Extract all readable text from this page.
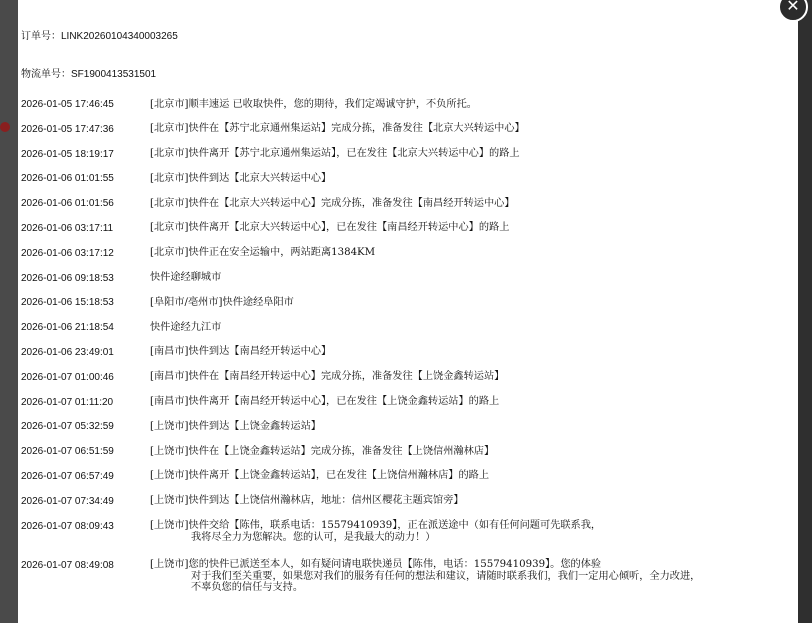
订单号：LINK20260104340003265
物流单号：SF1900413531501
2026-01-05 17:46:45	[北京市]顺丰速运 已收取快件，您的期待，我们定竭诚守护，不负所托。
2026-01-05 17:47:36	[北京市]快件在【苏宁北京通州集运站】完成分拣，准备发往【北京大兴转运中心】
2026-01-05 18:19:17	[北京市]快件离开【苏宁北京通州集运站】，已在发往【北京大兴转运中心】的路上
2026-01-06 01:01:55	[北京市]快件到达【北京大兴转运中心】
2026-01-06 01:01:56	[北京市]快件在【北京大兴转运中心】完成分拣，准备发往【南昌经开转运中心】
2026-01-06 03:17:11	[北京市]快件离开【北京大兴转运中心】，已在发往【南昌经开转运中心】的路上
2026-01-06 03:17:12	[北京市]快件正在安全运输中，两站距离1384KM
2026-01-06 09:18:53	快件途经聊城市
2026-01-06 15:18:53	[阜阳市/亳州市]快件途经阜阳市
2026-01-06 21:18:54	快件途经九江市
2026-01-06 23:49:01	[南昌市]快件到达【南昌经开转运中心】
2026-01-07 01:00:46	[南昌市]快件在【南昌经开转运中心】完成分拣，准备发往【上饶金鑫转运站】
2026-01-07 01:11:20	[南昌市]快件离开【南昌经开转运中心】，已在发往【上饶金鑫转运站】的路上
2026-01-07 05:32:59	[上饶市]快件到达【上饶金鑫转运站】
2026-01-07 06:51:59	[上饶市]快件在【上饶金鑫转运站】完成分拣，准备发往【上饶信州瀚林店】
2026-01-07 06:57:49	[上饶市]快件离开【上饶金鑫转运站】，已在发往【上饶信州瀚林店】的路上
2026-01-07 07:34:49	[上饶市]快件到达【上饶信州瀚林店，地址：信州区樱花主题宾馆旁】
2026-01-07 08:09:43	[上饶市]快件交给【陈伟，联系电话：15579410939】，正在派送途中（如有任何问题可先联系我，
我将尽全力为您解决。您的认可，是我最大的动力！）
2026-01-07 08:49:08	[上饶市]您的快件已派送至本人，如有疑问请电联快递员【陈伟，电话：15579410939】。您的体验
对于我们至关重要，如果您对我们的服务有任何的想法和建议，请随时联系我们，我们一定用心倾听，全力改进，
不辜负您的信任与支持。
✕
